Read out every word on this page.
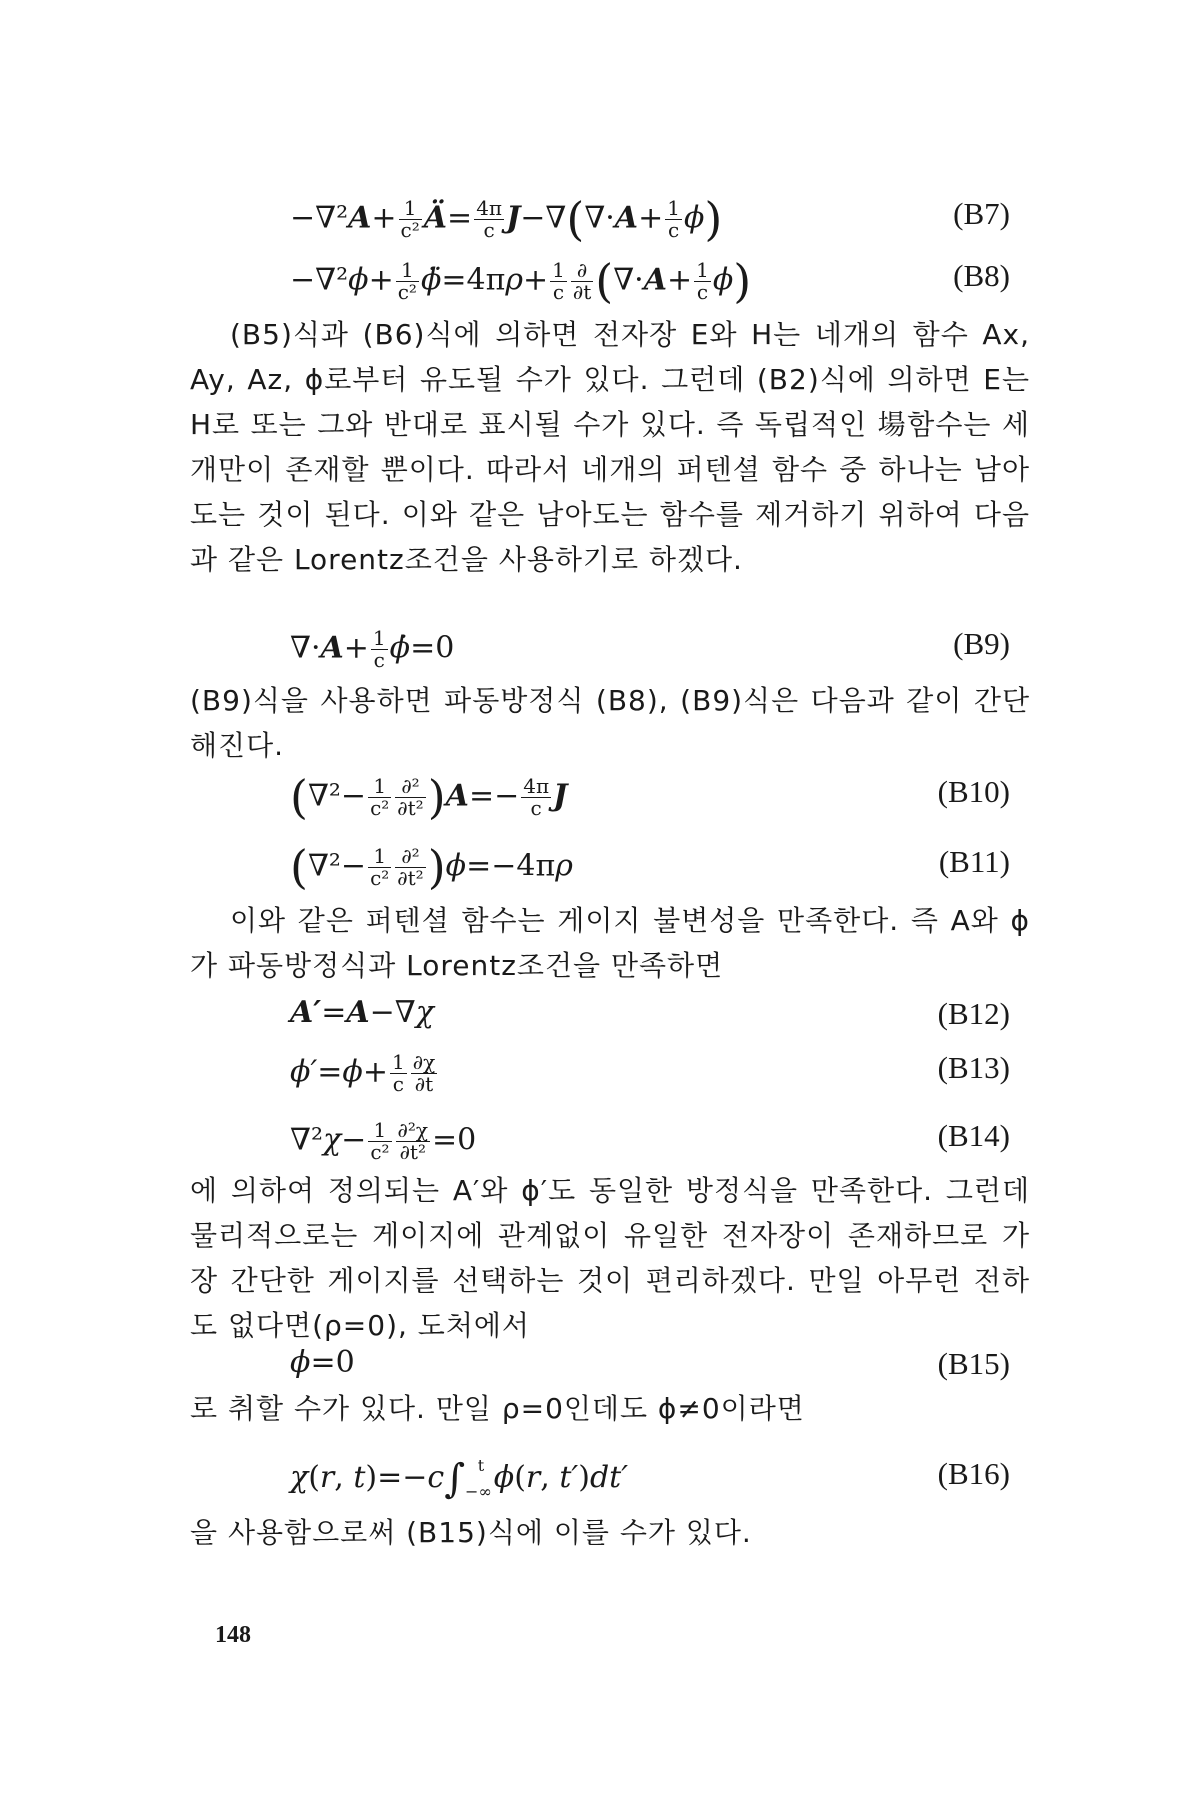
$-\nabla^2A+ \frac{1}{\text{c²}}$ Ä= $\frac{4\pi}{c} J-\nabla(\nabla\cdot A+ \frac{1}{c} \phi)$	(B7)
$-\nabla^2\phi+ \frac{1}{\text{c²}}$ ϕ̈=4πρ+ $\frac{1}{c} \frac{\partial}{\partial t} (\nabla\cdot A+ \frac{1}{c} \phi)$	(B8)
(B5)식과 (B6)식에 의하면 전자장 E와 H는 네개의 함수 Ax, Ay, Az, ϕ로부터 유도될 수가 있다. 그런데 (B2)식에 의하면 E는 H로 또는 그와 반대로 표시될 수가 있다. 즉 독립적인 場함수는 세개만이 존재할 뿐이다. 따라서 네개의 퍼텐셜 함수 중 하나는 남아도는 것이 된다. 이와 같은 남아도는 함수를 제거하기 위하여 다음과 같은 Lorentz조건을 사용하기로 하겠다.
$\nabla\cdot A+ \frac{1}{c}$ ϕ̇=0	(B9)
(B9)식을 사용하면 파동방정식 (B8), (B9)식은 다음과 같이 간단해진다.
$(\nabla^2- \frac{1}{\text{c²}} \frac{\text{∂²}}{\text{∂t²}} )A=- \frac{4\pi}{c}$ J	(B10)
$(\nabla^2- \frac{1}{\text{c²}} \frac{\text{∂²}}{\text{∂t²}} )\phi=-4\pi\rho$	(B11)
이와 같은 퍼텐셜 함수는 게이지 불변성을 만족한다. 즉 A와 ϕ가 파동방정식과 Lorentz조건을 만족하면
A′=A−∇χ	(B12)
$\phi'=\phi+ \frac{1}{c} \frac{\partial\chi}{\partial t}$	(B13)
$\nabla^2\chi- \frac{1}{\text{c²}} \frac{\text{∂²χ}}{\text{∂t²}} =0$	(B14)
에 의하여 정의되는 A′와 ϕ′도 동일한 방정식을 만족한다. 그런데 물리적으로는 게이지에 관계없이 유일한 전자장이 존재하므로 가장 간단한 게이지를 선택하는 것이 편리하겠다. 만일 아무런 전하도 없다면(ρ=0), 도처에서
ϕ=0	(B15)
로 취할 수가 있다. 만일 ρ=0인데도 ϕ≠0이라면
χ(r, $t)=-c\int_{-\infty}^t$ ϕ(r, t′)dt′	(B16)
을 사용함으로써 (B15)식에 이를 수가 있다.
148
